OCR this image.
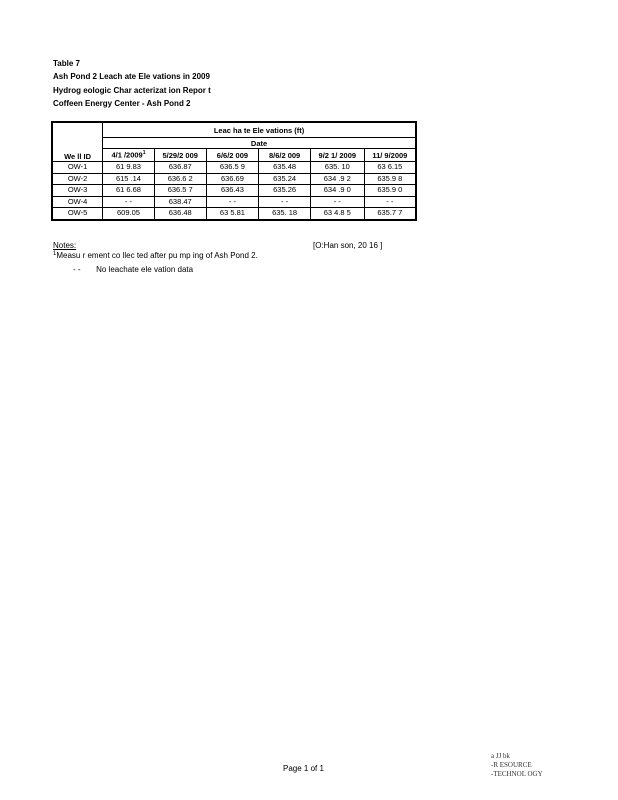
Table 7
Ash Pond 2 Leach ate Ele vations in 2009
Hydrog eologic Char acterizat ion Repor t
Coffeen Energy Center - Ash Pond 2
We ll ID	Leac ha te Ele vations (ft)					
	Date					
	4/1 /2009$^1$	5/29/2 009	6/6/2 009	8/6/2 009	9/2 1/ 2009	11/ 9/2009
OW-1	61 9.83	636.87	636.5 9	635.48	635. 10	63 6.15
OW-2	615 .14	636.6 2	636.69	635.24	634 .9 2	635.9 8
OW-3	61 6.68	636.5 7	636.43	635.26	634 .9 0	635.9 0
OW-4	- -	638.47	- -	- -	- -	- -
OW-5	609.05	636.48	63 5.81	635. 18	63 4.8 5	635.7 7
Notes:	[O:Han son, 20 16 ]
$^1$Measu r ement co llec ted after pu mp ing of Ash Pond 2.
- - No leachate ele vation data
Page 1 of 1
a JJ bk
-R ESOURCE
-TECHNOL OGY
